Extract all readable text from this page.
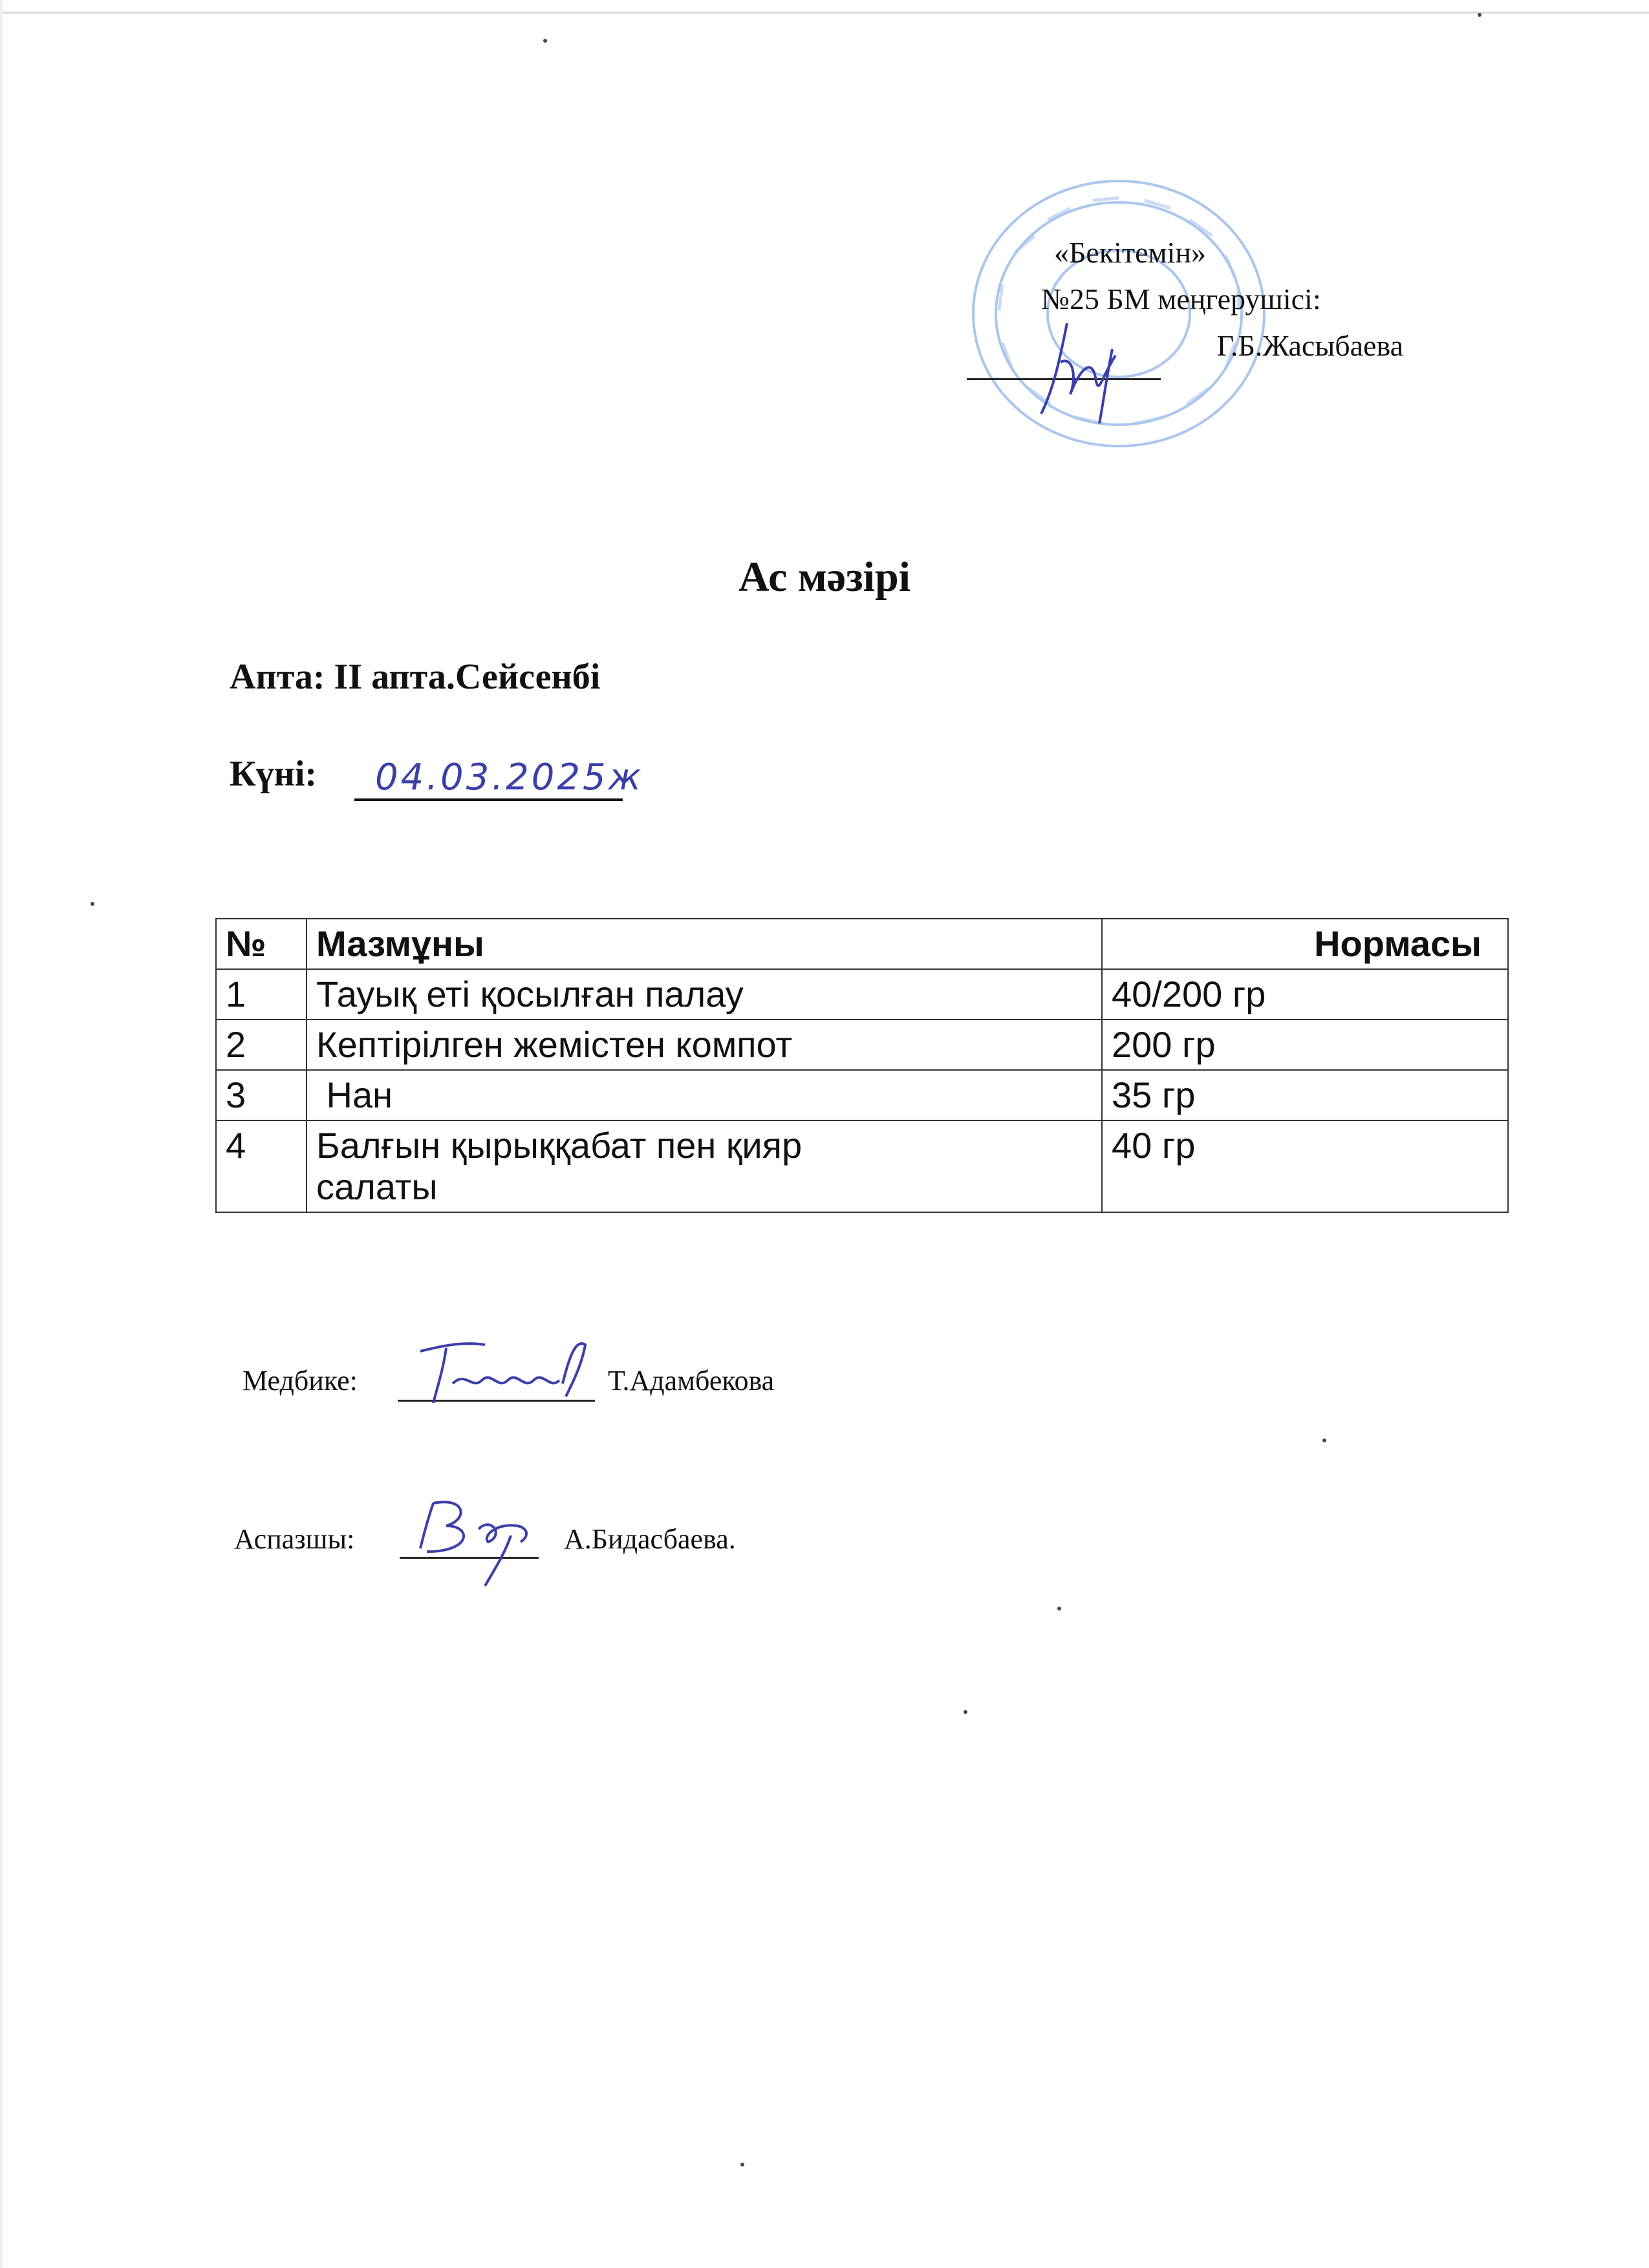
«Бекітемін»
№25 БМ меңгерушісі:
Г.Б.Жасыбаева
Ас мәзірі
Апта: II апта.Сейсенбі
Күні: 04.03.2025ж
№	Мазмұны	Нормасы
1	Тауық еті қосылған палау	40/200 гр
2	Кептірілген жемістен компот	200 гр
3	Нан	35 гр
4	Балғын қырыққабат пен қияр салаты	40 гр
Медбике:	Т.Адамбекова
Аспазшы:	А.Бидасбаева.
